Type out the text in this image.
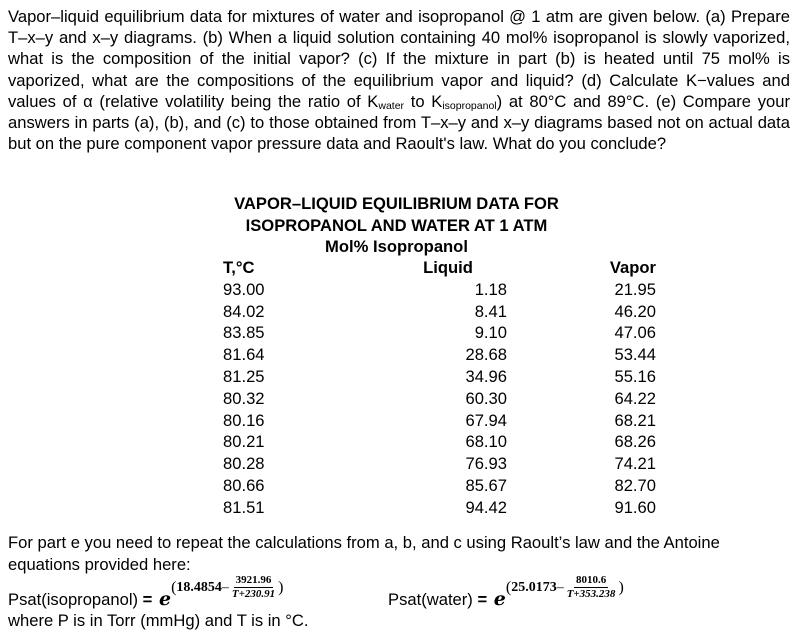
Vapor–liquid equilibrium data for mixtures of water and isopropanol @ 1 atm are given below. (a) Prepare T–x–y and x–y diagrams. (b) When a liquid solution containing 40 mol% isopropanol is slowly vaporized, what is the composition of the initial vapor? (c) If the mixture in part (b) is heated until 75 mol% is vaporized, what are the compositions of the equilibrium vapor and liquid? (d) Calculate K−values and values of α (relative volatility being the ratio of $K_{water}$ to $K_{isopropanol}$) at 80°C and 89°C. (e) Compare your answers in parts (a), (b), and (c) to those obtained from T–x–y and x–y diagrams based not on actual data but on the pure component vapor pressure data and Raoult's law. What do you conclude?
VAPOR–LIQUID EQUILIBRIUM DATA FOR
ISOPROPANOL AND WATER AT 1 ATM
Mol% Isopropanol
T,°C	Liquid	Vapor
93.00	1.18	21.95
84.02	8.41	46.20
83.85	9.10	47.06
81.64	28.68	53.44
81.25	34.96	55.16
80.32	60.30	64.22
80.16	67.94	68.21
80.21	68.10	68.26
80.28	76.93	74.21
80.66	85.67	82.70
81.51	94.42	91.60
For part e you need to repeat the calculations from a, b, and c using Raoult’s law and the Antoine equations provided here:
Psat(isopropanol) = e
( $18.4854 - \frac{3921.96}{T+230.91}$ )
Psat(water) = e
( $25.0173 - \frac{8010.6}{T+353.238}$ )
where P is in Torr (mmHg) and T is in °C.
